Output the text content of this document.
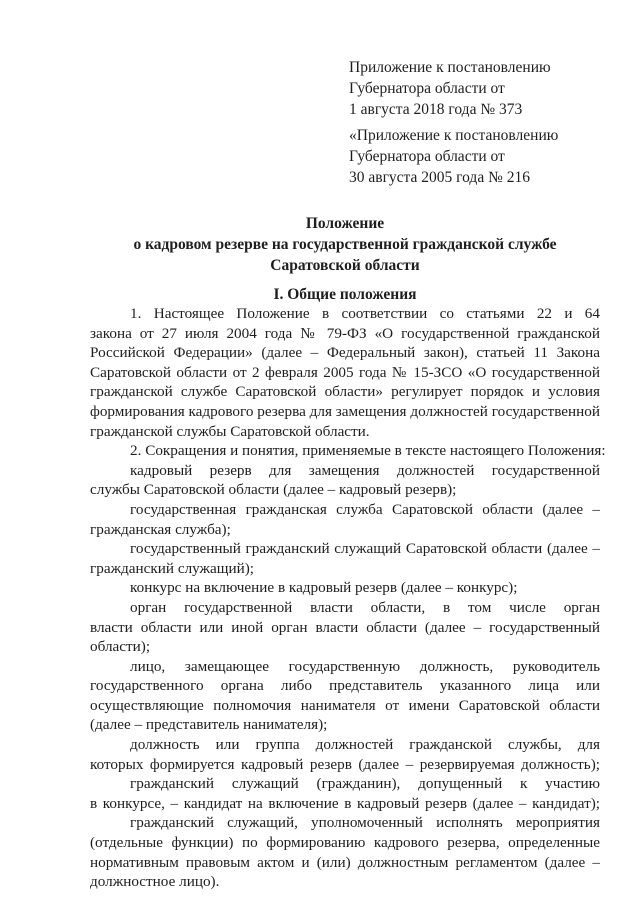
Приложение к постановлению
Губернатора области от
1 августа 2018 года № 373
«Приложение к постановлению
Губернатора области от
30 августа 2005 года № 216
Положение
о кадровом резерве на государственной гражданской службе
Саратовской области
I. Общие положения
1. Настоящее Положение в соответствии со статьями 22 и 64
закона от 27 июля 2004 года № 79-ФЗ «О государственной гражданской
Российской Федерации» (далее – Федеральный закон), статьей 11 Закона
Саратовской области от 2 февраля 2005 года № 15-ЗСО «О государственной
гражданской службе Саратовской области» регулирует порядок и условия
формирования кадрового резерва для замещения должностей государственной
гражданской службы Саратовской области.
2. Сокращения и понятия, применяемые в тексте настоящего Положения:
кадровый резерв для замещения должностей государственной
службы Саратовской области (далее – кадровый резерв);
государственная гражданская служба Саратовской области (далее –
гражданская служба);
государственный гражданский служащий Саратовской области (далее –
гражданский служащий);
конкурс на включение в кадровый резерв (далее – конкурс);
орган государственной власти области, в том числе орган
власти области или иной орган власти области (далее – государственный
области);
лицо, замещающее государственную должность, руководитель
государственного органа либо представитель указанного лица или
осуществляющие полномочия нанимателя от имени Саратовской области
(далее – представитель нанимателя);
должность или группа должностей гражданской службы, для
которых формируется кадровый резерв (далее – резервируемая должность);
гражданский служащий (гражданин), допущенный к участию
в конкурсе, – кандидат на включение в кадровый резерв (далее – кандидат);
гражданский служащий, уполномоченный исполнять мероприятия
(отдельные функции) по формированию кадрового резерва, определенные
нормативным правовым актом и (или) должностным регламентом (далее –
должностное лицо).
